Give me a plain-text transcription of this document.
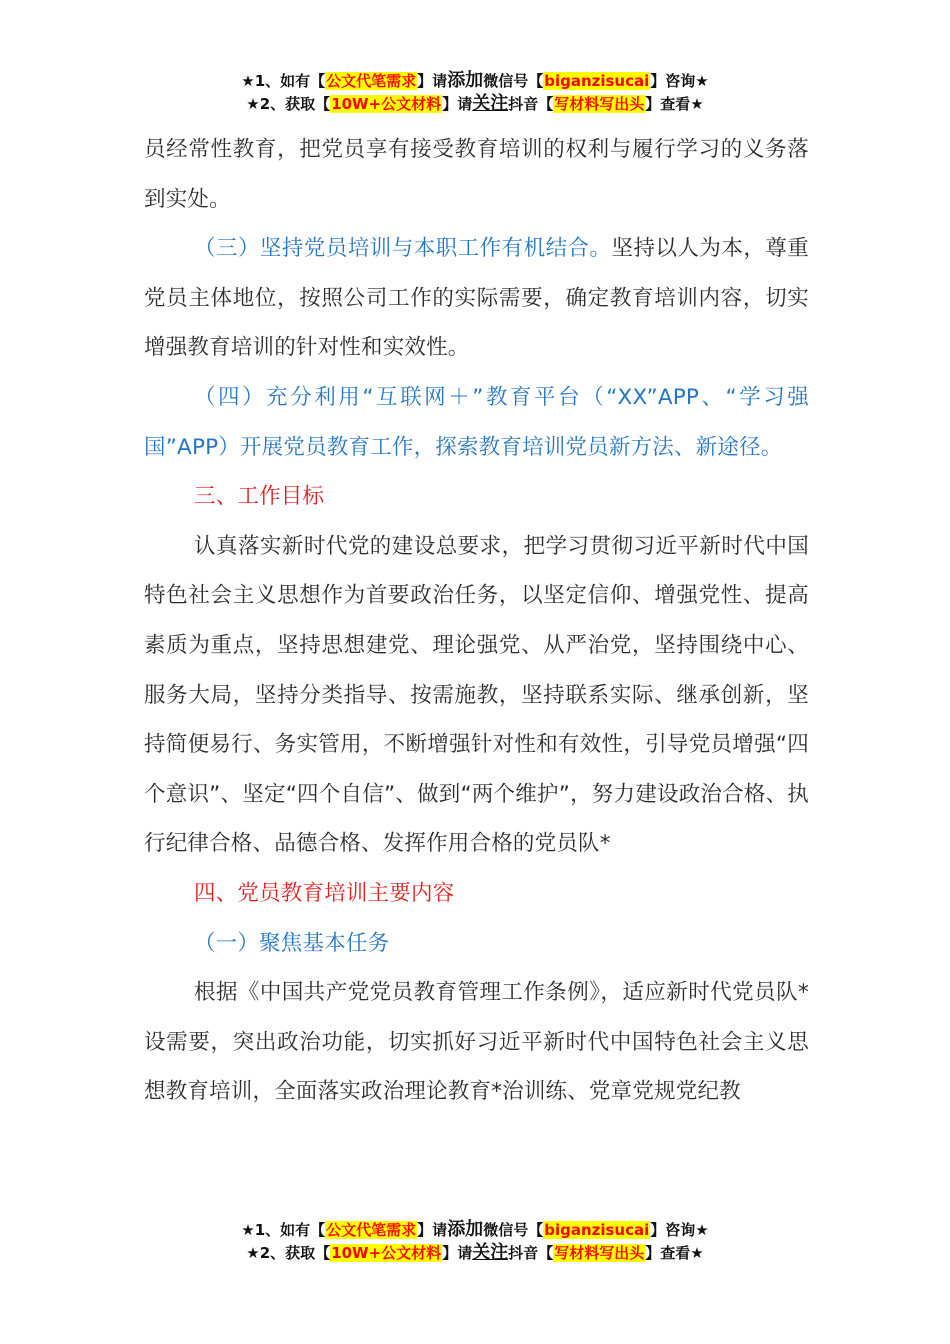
★1、如有【公文代笔需求】请添加微信号【biganzisucai】咨询★
★2、获取【10W+公文材料】请关注抖音【写材料写出头】查看★

员经常性教育，把党员享有接受教育培训的权利与履行学习的义务落到实处。

（三）坚持党员培训与本职工作有机结合。坚持以人为本，尊重党员主体地位，按照公司工作的实际需要，确定教育培训内容，切实增强教育培训的针对性和实效性。

（四）充分利用“互联网＋”教育平台（“XX”APP、“学习强国”APP）开展党员教育工作，探索教育培训党员新方法、新途径。

三、工作目标

认真落实新时代党的建设总要求，把学习贯彻习近平新时代中国特色社会主义思想作为首要政治任务，以坚定信仰、增强党性、提高素质为重点，坚持思想建党、理论强党、从严治党，坚持围绕中心、服务大局，坚持分类指导、按需施教，坚持联系实际、继承创新，坚持简便易行、务实管用，不断增强针对性和有效性，引导党员增强“四个意识”、坚定“四个自信”、做到“两个维护”，努力建设政治合格、执行纪律合格、品德合格、发挥作用合格的党员队*

四、党员教育培训主要内容

（一）聚焦基本任务

根据《中国共产党党员教育管理工作条例》，适应新时代党员队*设需要，突出政治功能，切实抓好习近平新时代中国特色社会主义思想教育培训，全面落实政治理论教育*治训练、党章党规党纪教

★1、如有【公文代笔需求】请添加微信号【biganzisucai】咨询★
★2、获取【10W+公文材料】请关注抖音【写材料写出头】查看★
